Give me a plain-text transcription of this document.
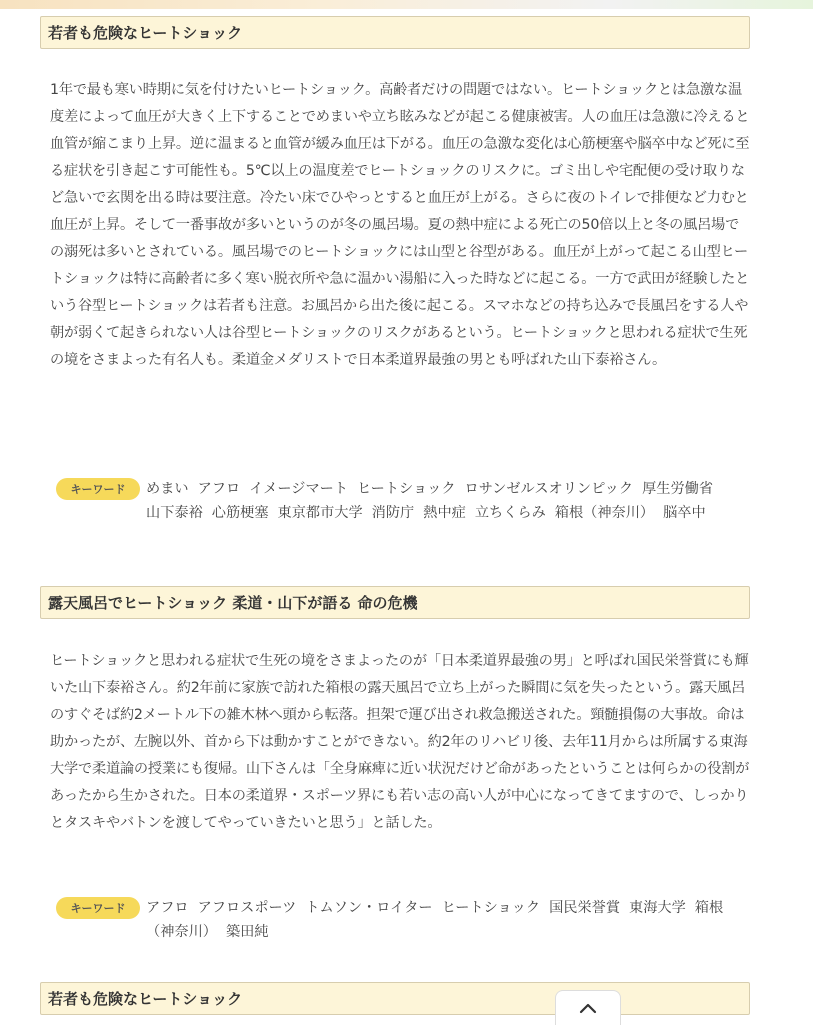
若者も危険なヒートショック

1年で最も寒い時期に気を付けたいヒートショック。高齢者だけの問題ではない。ヒートショックとは急激な温度差によって血圧が大きく上下することでめまいや立ち眩みなどが起こる健康被害。人の血圧は急激に冷えると血管が縮こまり上昇。逆に温まると血管が緩み血圧は下がる。血圧の急激な変化は心筋梗塞や脳卒中など死に至る症状を引き起こす可能性も。5℃以上の温度差でヒートショックのリスクに。ゴミ出しや宅配便の受け取りなど急いで玄関を出る時は要注意。冷たい床でひやっとすると血圧が上がる。さらに夜のトイレで排便など力むと血圧が上昇。そして一番事故が多いというのが冬の風呂場。夏の熱中症による死亡の50倍以上と冬の風呂場での溺死は多いとされている。風呂場でのヒートショックには山型と谷型がある。血圧が上がって起こる山型ヒートショックは特に高齢者に多く寒い脱衣所や急に温かい湯船に入った時などに起こる。一方で武田が経験したという谷型ヒートショックは若者も注意。お風呂から出た後に起こる。スマホなどの持ち込みで長風呂をする人や朝が弱くて起きられない人は谷型ヒートショックのリスクがあるという。ヒートショックと思われる症状で生死の境をさまよった有名人も。柔道金メダリストで日本柔道界最強の男とも呼ばれた山下泰裕さん。

キーワード	めまい アフロ イメージマート ヒートショック ロサンゼルスオリンピック 厚生労働省山下泰裕 心筋梗塞 東京都市大学 消防庁 熱中症 立ちくらみ 箱根（神奈川） 脳卒中
露天風呂でヒートショック 柔道・山下が語る 命の危機

ヒートショックと思われる症状で生死の境をさまよったのが「日本柔道界最強の男」と呼ばれ国民栄誉賞にも輝いた山下泰裕さん。約2年前に家族で訪れた箱根の露天風呂で立ち上がった瞬間に気を失ったという。露天風呂のすぐそば約2メートル下の雑木林へ頭から転落。担架で運び出され救急搬送された。頸髄損傷の大事故。命は助かったが、左腕以外、首から下は動かすことができない。約2年のリハビリ後、去年11月からは所属する東海大学で柔道論の授業にも復帰。山下さんは「全身麻痺に近い状況だけど命があったということは何らかの役割があったから生かされた。日本の柔道界・スポーツ界にも若い志の高い人が中心になってきてますので、しっかりとタスキやバトンを渡してやっていきたいと思う」と話した。

キーワード	アフロ アフロスポーツ トムソン・ロイター ヒートショック 国民栄誉賞 東海大学 箱根（神奈川） 築田純
若者も危険なヒートショック
